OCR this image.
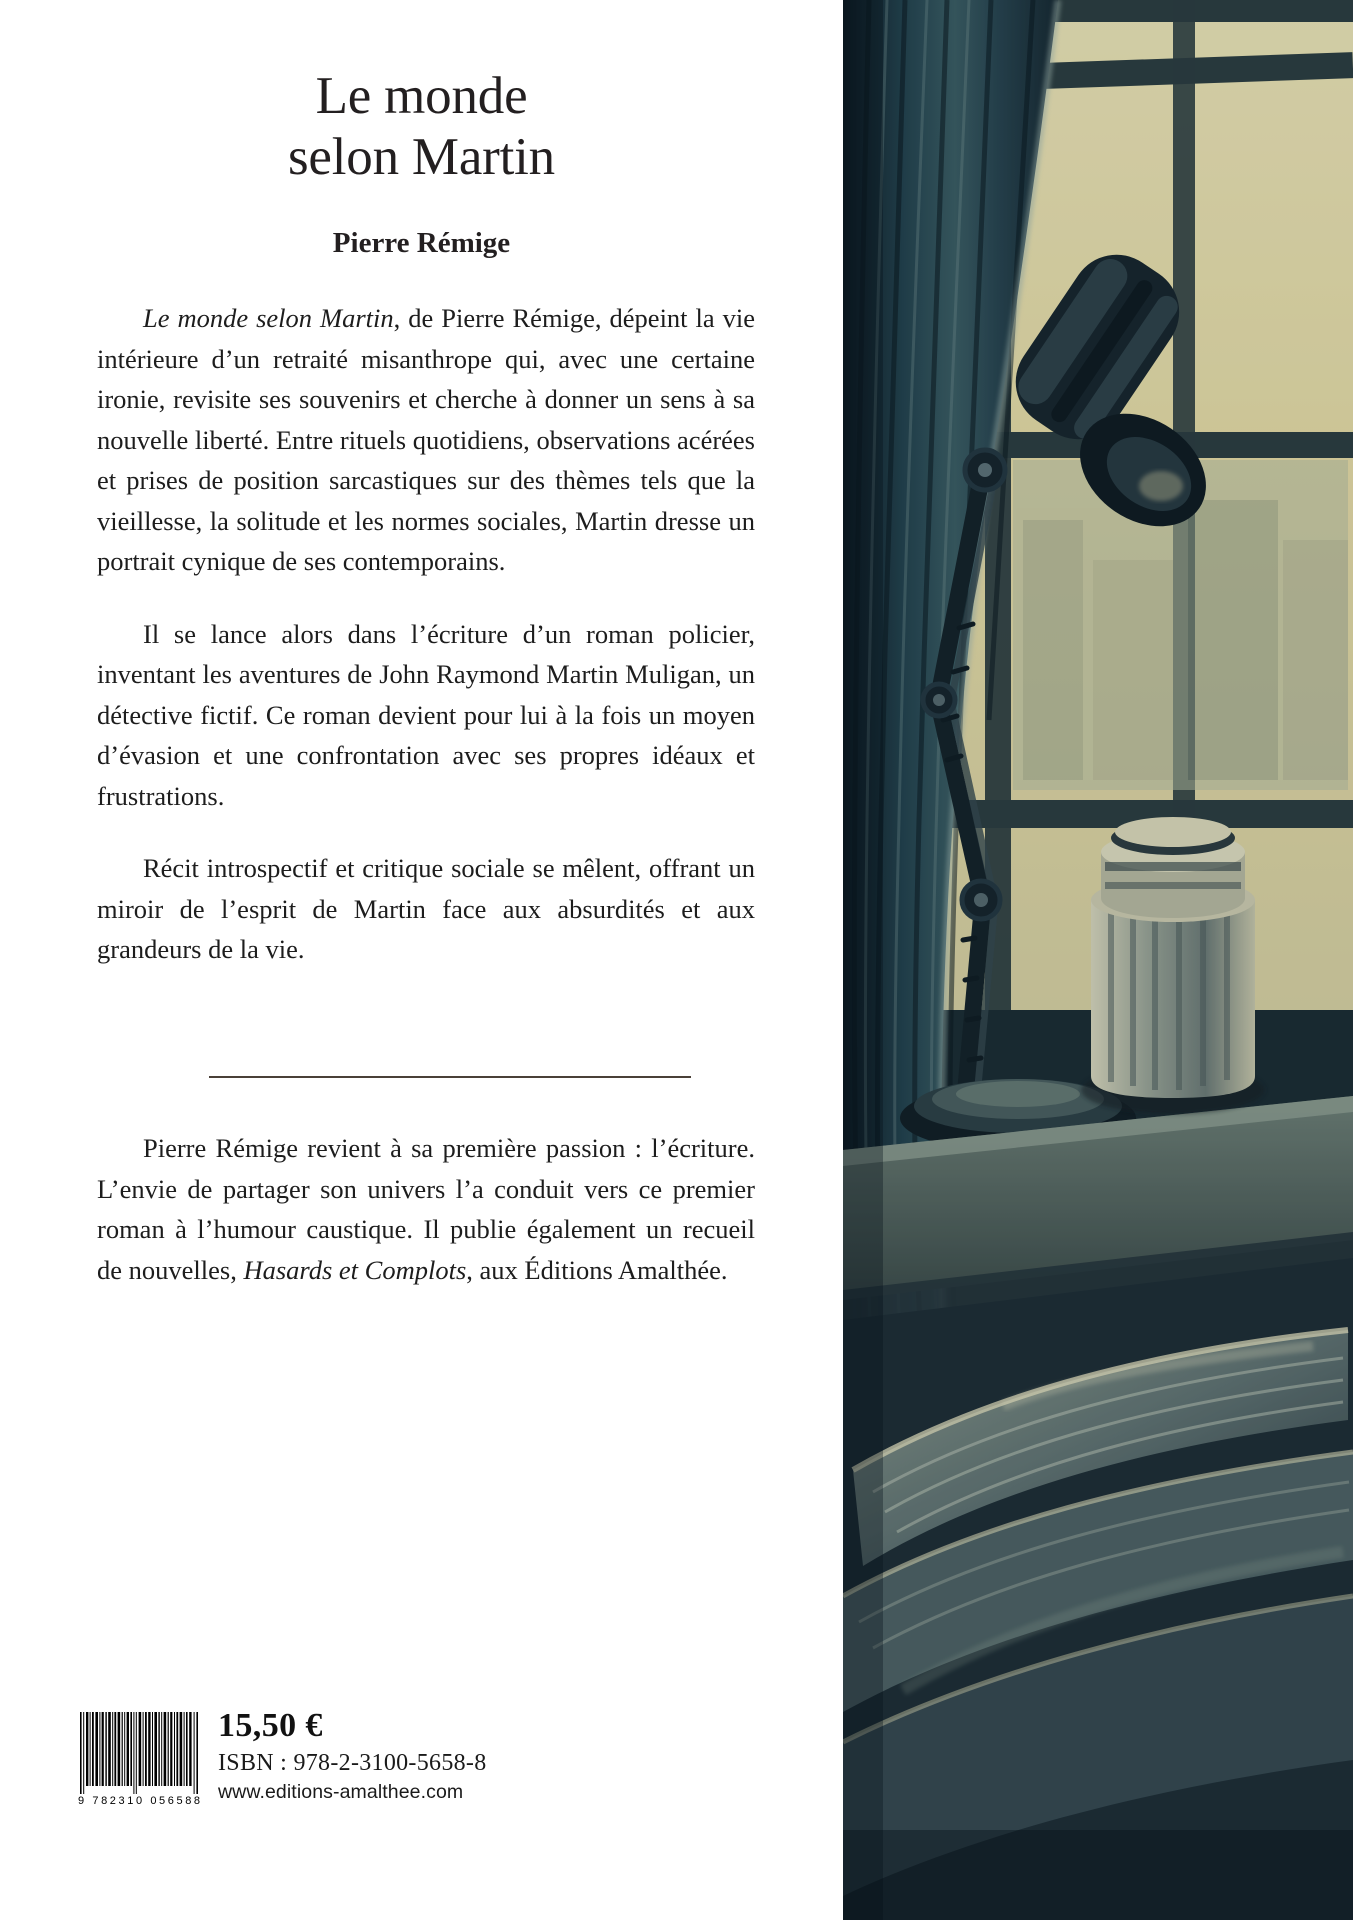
Le monde
selon Martin
Pierre Rémige

Le monde selon Martin, de Pierre Rémige, dépeint la vie intérieure d’un retraité misanthrope qui, avec une certaine ironie, revisite ses souvenirs et cherche à donner un sens à sa nouvelle liberté. Entre rituels quotidiens, observations acérées et prises de position sarcastiques sur des thèmes tels que la vieillesse, la solitude et les normes sociales, Martin dresse un portrait cynique de ses contemporains.

Il se lance alors dans l’écriture d’un roman policier, inventant les aventures de John Raymond Martin Muligan, un détective fictif. Ce roman devient pour lui à la fois un moyen d’évasion et une confrontation avec ses propres idéaux et frustrations.

Récit introspectif et critique sociale se mêlent, offrant un miroir de l’esprit de Martin face aux absurdités et aux grandeurs de la vie.

Pierre Rémige revient à sa première passion : l’écriture. L’envie de partager son univers l’a conduit vers ce premier roman à l’humour caustique. Il publie également un recueil de nouvelles, Hasards et Complots, aux Éditions Amalthée.

9 782310 056588
15,50 €
ISBN : 978-2-3100-5658-8
www.editions-amalthee.com
